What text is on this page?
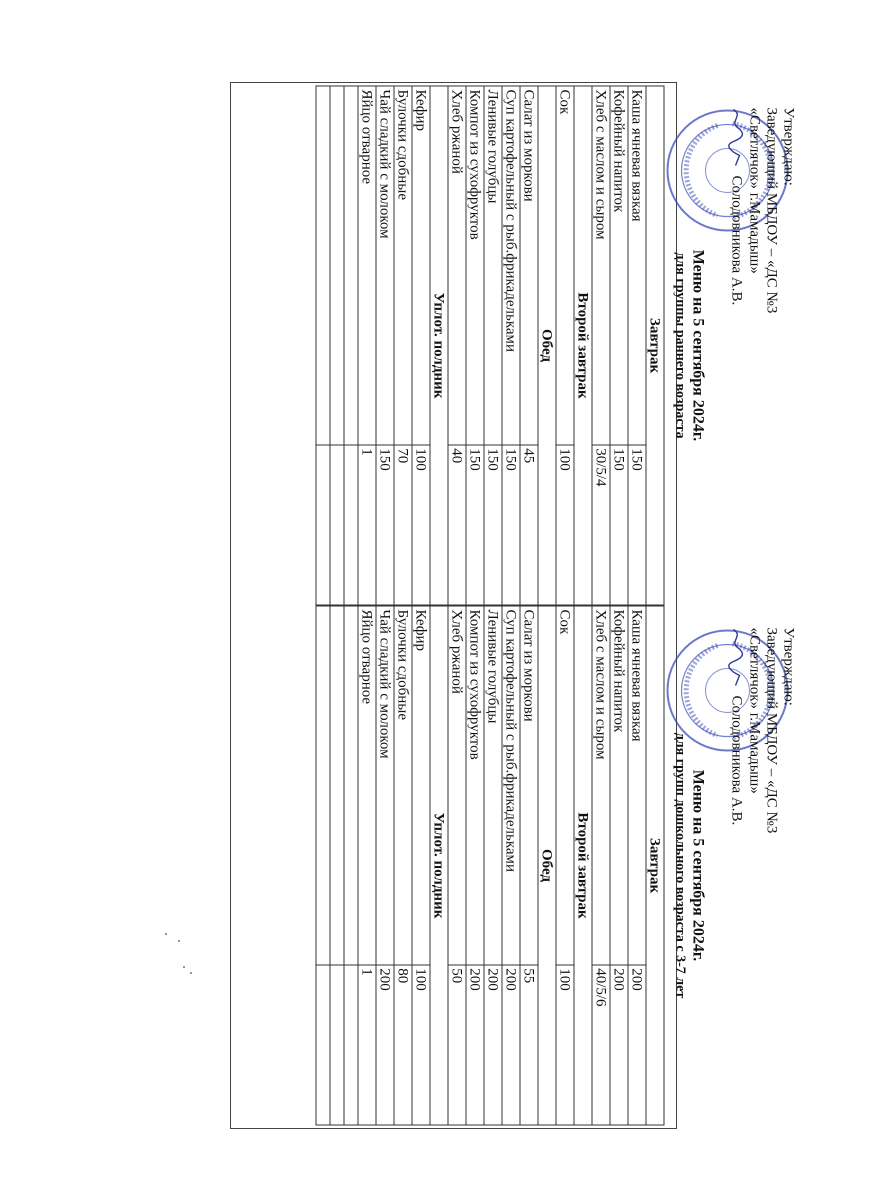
Утверждаю:
Заведующий МБДОУ – «ДС №3
«Светлячок» г.Мамадыш»
Солодовникова А.В.
Меню на 5 сентября 2024г.
для группы раннего возраста
Завтрак	
Каша ячневая вязкая	150
Кофейный напиток	150
Хлеб с маслом и сыром	30/5/4
Второй завтрак	
Сок	100
Обед	
Салат из моркови	45
Суп картофельный с рыб.фрикадельками	150
Ленивые голубцы	150
Компот из сухофруктов	150
Хлеб ржаной	40
Уплот. полдник	
Кефир	100
Булочки сдобные	70
Чай сладкий с молоком	150
Яйцо отварное	1

Утверждаю:
Заведующий МБДОУ – «ДС №3
«Светлячок» г.Мамадыш»
Солодовникова А.В.
Меню на 5 сентября 2024г.
для групп дошкольного возраста с 3-7 лет
Завтрак	
Каша ячневая вязкая	200
Кофейный напиток	200
Хлеб с маслом и сыром	40/5/6
Второй завтрак	
Сок	100
Обед	
Салат из моркови	55
Суп картофельный с рыб.фрикадельками	200
Ленивые голубцы	200
Компот из сухофруктов	200
Хлеб ржаной	50
Уплот. полдник	
Кефир	100
Булочки сдобные	80
Чай сладкий с молоком	200
Яйцо отварное	1
